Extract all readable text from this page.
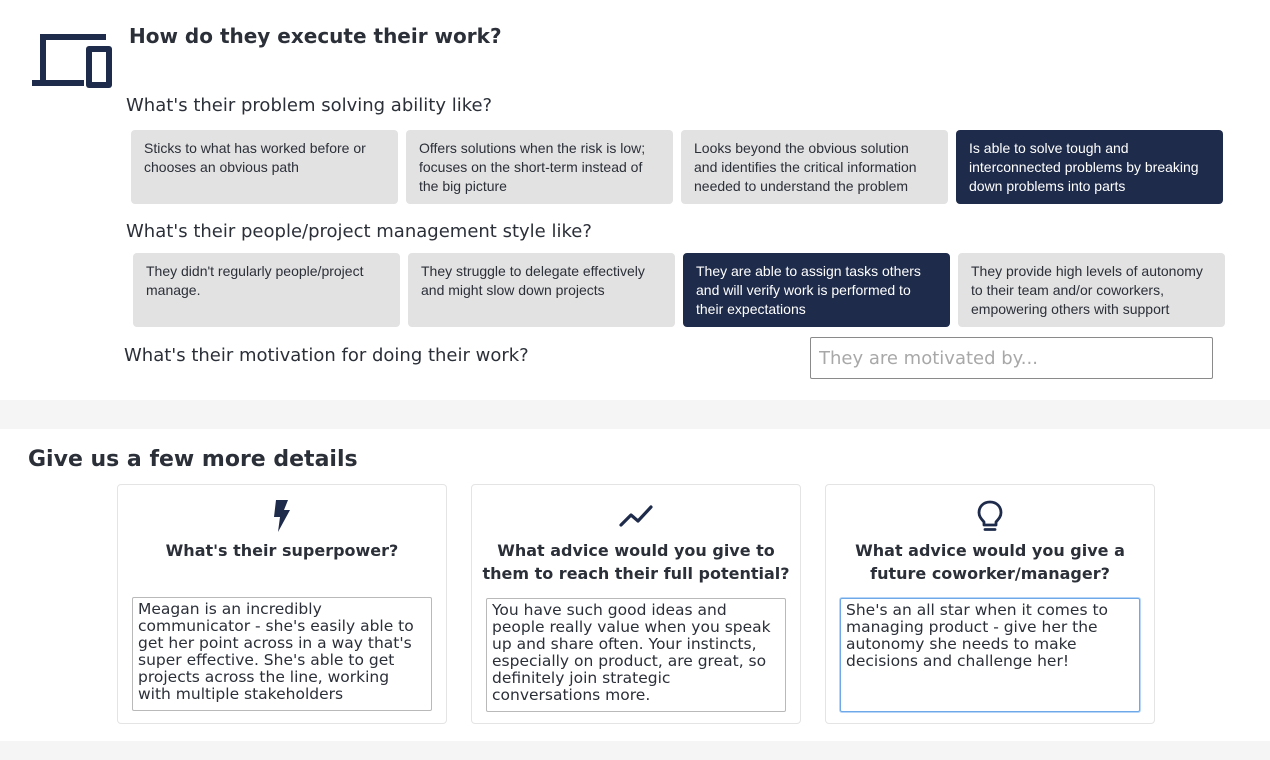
How do they execute their work?
What's their problem solving ability like?
Sticks to what has worked before or chooses an obvious path
Offers solutions when the risk is low; focuses on the short-term instead of the big picture
Looks beyond the obvious solution and identifies the critical information needed to understand the problem
Is able to solve tough and interconnected problems by breaking down problems into parts
What's their people/project management style like?
They didn't regularly people/project manage.
They struggle to delegate effectively and might slow down projects
They are able to assign tasks others and will verify work is performed to their expectations
They provide high levels of autonomy to their team and/or coworkers, empowering others with support
What's their motivation for doing their work?
They are motivated by...
Give us a few more details
What's their superpower?
Meagan is an incredibly communicator - she's easily able to get her point across in a way that's super effective. She's able to get projects across the line, working with multiple stakeholders	What advice would you give to them to reach their full potential?
You have such good ideas and people really value when you speak up and share often. Your instincts, especially on product, are great, so definitely join strategic conversations more.
What advice would you give a future coworker/manager?
She's an all star when it comes to managing product - give her the autonomy she needs to make decisions and challenge her!
